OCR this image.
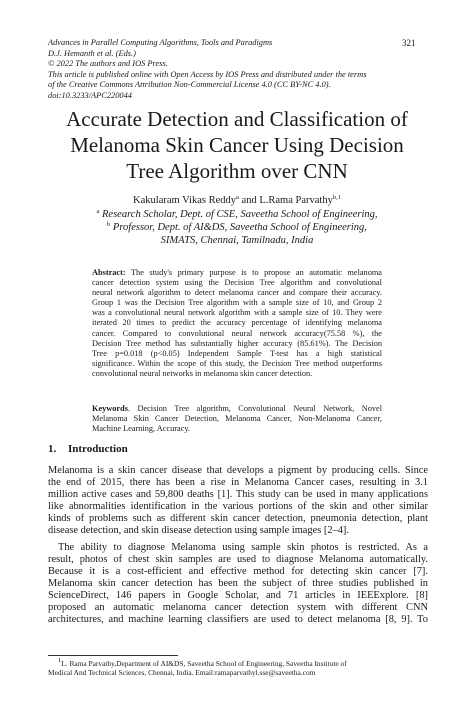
Advances in Parallel Computing Algorithms, Tools and Paradigms
D.J. Hemanth et al. (Eds.)
© 2022 The authors and IOS Press.
This article is published online with Open Access by IOS Press and distributed under the terms
of the Creative Commons Attribution Non-Commercial License 4.0 (CC BY-NC 4.0).
doi:10.3233/APC220044
321
Accurate Detection and Classification of
Melanoma Skin Cancer Using Decision
Tree Algorithm over CNN
Kakularam Vikas Reddy$^a$ and L.Rama Parvathy$^{b,1}$
$^a$ Research Scholar, Dept. of CSE, Saveetha School of Engineering,
$^b$ Professor, Dept. of AI&DS, Saveetha School of Engineering,
SIMATS, Chennai, Tamilnadu, India
Abstract: The study's primary purpose is to propose an automatic melanoma
cancer detection system using the Decision Tree algorithm and convolutional
neural network algorithm to detect melanoma cancer and compare their accuracy.
Group 1 was the Decision Tree algorithm with a sample size of 10, and Group 2
was a convolutional neural network algorithm with a sample size of 10. They were
iterated 20 times to predict the accuracy percentage of identifying melanoma
cancer. Compared to convolutional neural network accuracy(75.58 %), the
Decision Tree method has substantially higher accuracy (85.61%). The Decision
Tree p=0.018 (p<0.05) Independent Sample T-test has a high statistical
significance. Within the scope of this study, the Decision Tree method outperforms
convolutional neural networks in melanoma skin cancer detection.
Keywords. Decision Tree algorithm, Convolutional Neural Network, Novel
Melanoma Skin Cancer Detection, Melanoma Cancer, Non-Melanoma Cancer,
Machine Learning, Accuracy.
1. Introduction
Melanoma is a skin cancer disease that develops a pigment by producing cells. Since
the end of 2015, there has been a rise in Melanoma Cancer cases, resulting in 3.1
million active cases and 59,800 deaths [1]. This study can be used in many applications
like abnormalities identification in the various portions of the skin and other similar
kinds of problems such as different skin cancer detection, pneumonia detection, plant
disease detection, and skin disease detection using sample images [2–4].
The ability to diagnose Melanoma using sample skin photos is restricted. As a
result, photos of chest skin samples are used to diagnose Melanoma automatically.
Because it is a cost-efficient and effective method for detecting skin cancer [7].
Melanoma skin cancer detection has been the subject of three studies published in
ScienceDirect, 146 papers in Google Scholar, and 71 articles in IEEExplore. [8]
proposed an automatic melanoma cancer detection system with different CNN
architectures, and machine learning classifiers are used to detect melanoma [8, 9]. To
$^1$L. Rama Parvathy,Department of AI&DS, Saveetha School of Engineering, Saveetha Institute of
Medical And Technical Sciences, Chennai, India. Email:ramaparvathyl.sse@saveetha.com
